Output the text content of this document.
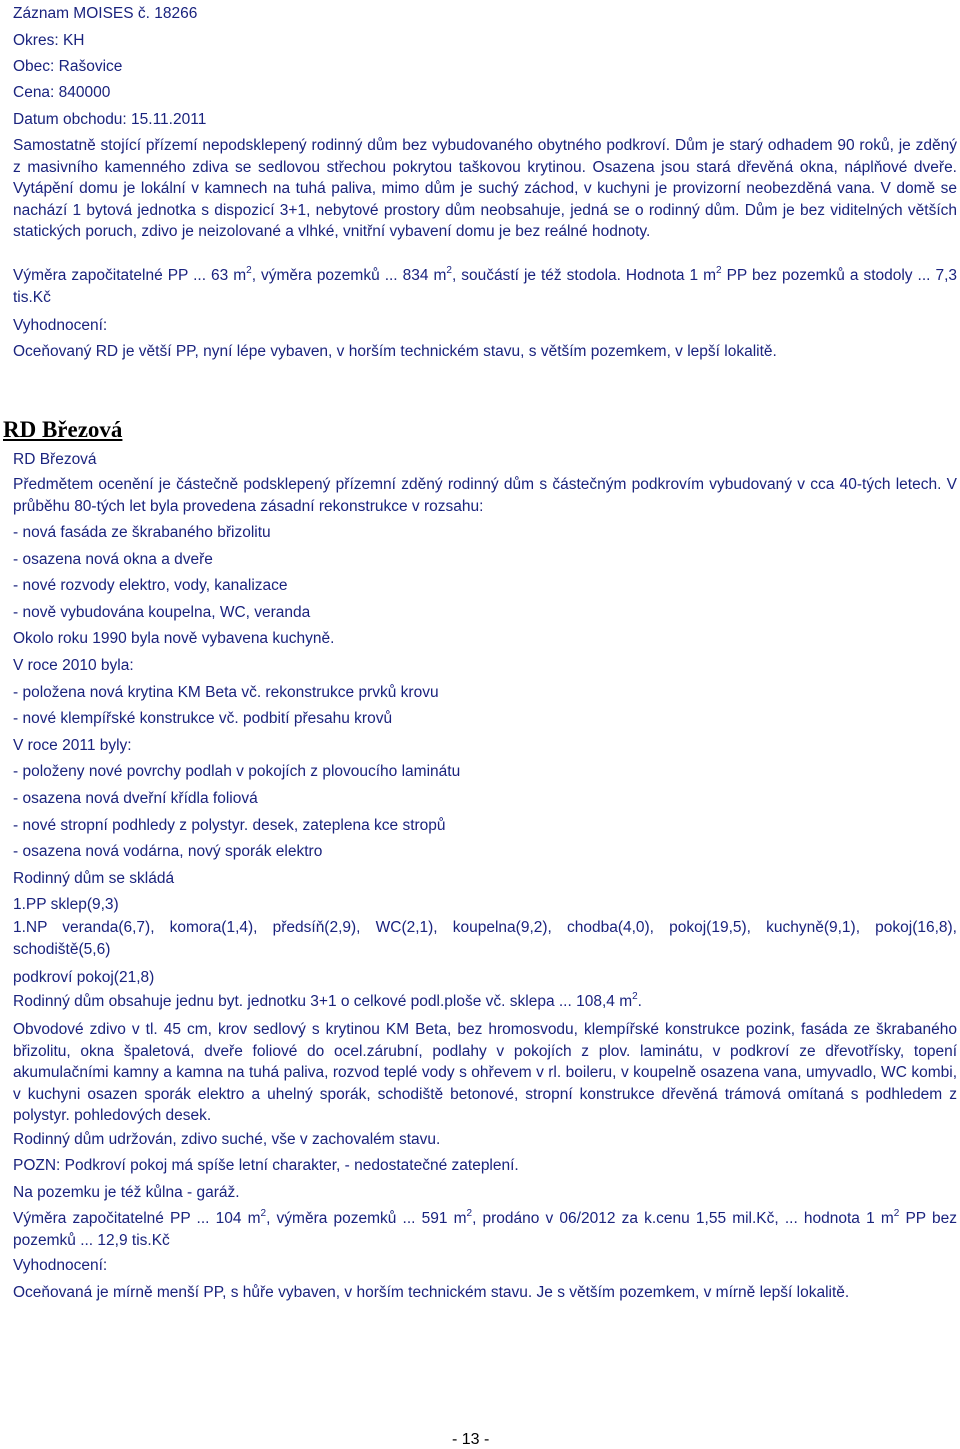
Záznam MOISES č. 18266
Okres: KH
Obec: Rašovice
Cena: 840000
Datum obchodu: 15.11.2011
Samostatně stojící přízemí nepodsklepený rodinný dům bez vybudovaného obytného podkroví. Dům je starý odhadem 90 roků, je zděný z masivního kamenného zdiva se sedlovou střechou pokrytou taškovou krytinou. Osazena jsou stará dřevěná okna, náplňové dveře. Vytápění domu je lokální v kamnech na tuhá paliva, mimo dům je suchý záchod, v kuchyni je provizorní neobezděná vana. V domě se nachází 1 bytová jednotka s dispozicí 3+1, nebytové prostory dům neobsahuje, jedná se o rodinný dům. Dům je bez viditelných větších statických poruch, zdivo je neizolované a vlhké, vnitřní vybavení domu je bez reálné hodnoty.
Výměra započitatelné PP ... 63 $m^2$, výměra pozemků ... 834 $m^2$, součástí je též stodola. Hodnota 1 $m^2$ PP bez pozemků a stodoly ... 7,3 tis.Kč
Vyhodnocení:
Oceňovaný RD je větší PP, nyní lépe vybaven, v horším technickém stavu, s větším pozemkem, v lepší lokalitě.
RD Březová
RD Březová
Předmětem ocenění je částečně podsklepený přízemní zděný rodinný dům s částečným podkrovím vybudovaný v cca 40-tých letech. V průběhu 80-tých let byla provedena zásadní rekonstrukce v rozsahu:
- nová fasáda ze škrabaného břizolitu
- osazena nová okna a dveře
- nové rozvody elektro, vody, kanalizace
- nově vybudována koupelna, WC, veranda
Okolo roku 1990 byla nově vybavena kuchyně.
V roce 2010 byla:
- položena nová krytina KM Beta vč. rekonstrukce prvků krovu
- nové klempířské konstrukce vč. podbití přesahu krovů
V roce 2011 byly:
- položeny nové povrchy podlah v pokojích z plovoucího laminátu
- osazena nová dveřní křídla foliová
- nové stropní podhledy z polystyr. desek, zateplena kce stropů
- osazena nová vodárna, nový sporák elektro
Rodinný dům se skládá
1.PP sklep(9,3)
1.NP veranda(6,7), komora(1,4), předsíň(2,9), WC(2,1), koupelna(9,2), chodba(4,0), pokoj(19,5), kuchyně(9,1), pokoj(16,8), schodiště(5,6)
podkroví pokoj(21,8)
Rodinný dům obsahuje jednu byt. jednotku 3+1 o celkové podl.ploše vč. sklepa ... 108,4 $m^2$.
Obvodové zdivo v tl. 45 cm, krov sedlový s krytinou KM Beta, bez hromosvodu, klempířské konstrukce pozink, fasáda ze škrabaného břizolitu, okna špaletová, dveře foliové do ocel.zárubní, podlahy v pokojích z plov. laminátu, v podkroví ze dřevotřísky, topení akumulačními kamny a kamna na tuhá paliva, rozvod teplé vody s ohřevem v rl. boileru, v koupelně osazena vana, umyvadlo, WC kombi, v kuchyni osazen sporák elektro a uhelný sporák, schodiště betonové, stropní konstrukce dřevěná trámová omítaná s podhledem z polystyr. pohledových desek.
Rodinný dům udržován, zdivo suché, vše v zachovalém stavu.
POZN: Podkroví pokoj má spíše letní charakter, - nedostatečné zateplení.
Na pozemku je též kůlna - garáž.
Výměra započitatelné PP ... 104 $m^2$, výměra pozemků ... 591 $m^2$, prodáno v 06/2012 za k.cenu 1,55 mil.Kč, ... hodnota 1 $m^2$ PP bez pozemků ... 12,9 tis.Kč
Vyhodnocení:
Oceňovaná je mírně menší PP, s hůře vybaven, v horším technickém stavu. Je s větším pozemkem, v mírně lepší lokalitě.
- 13 -
